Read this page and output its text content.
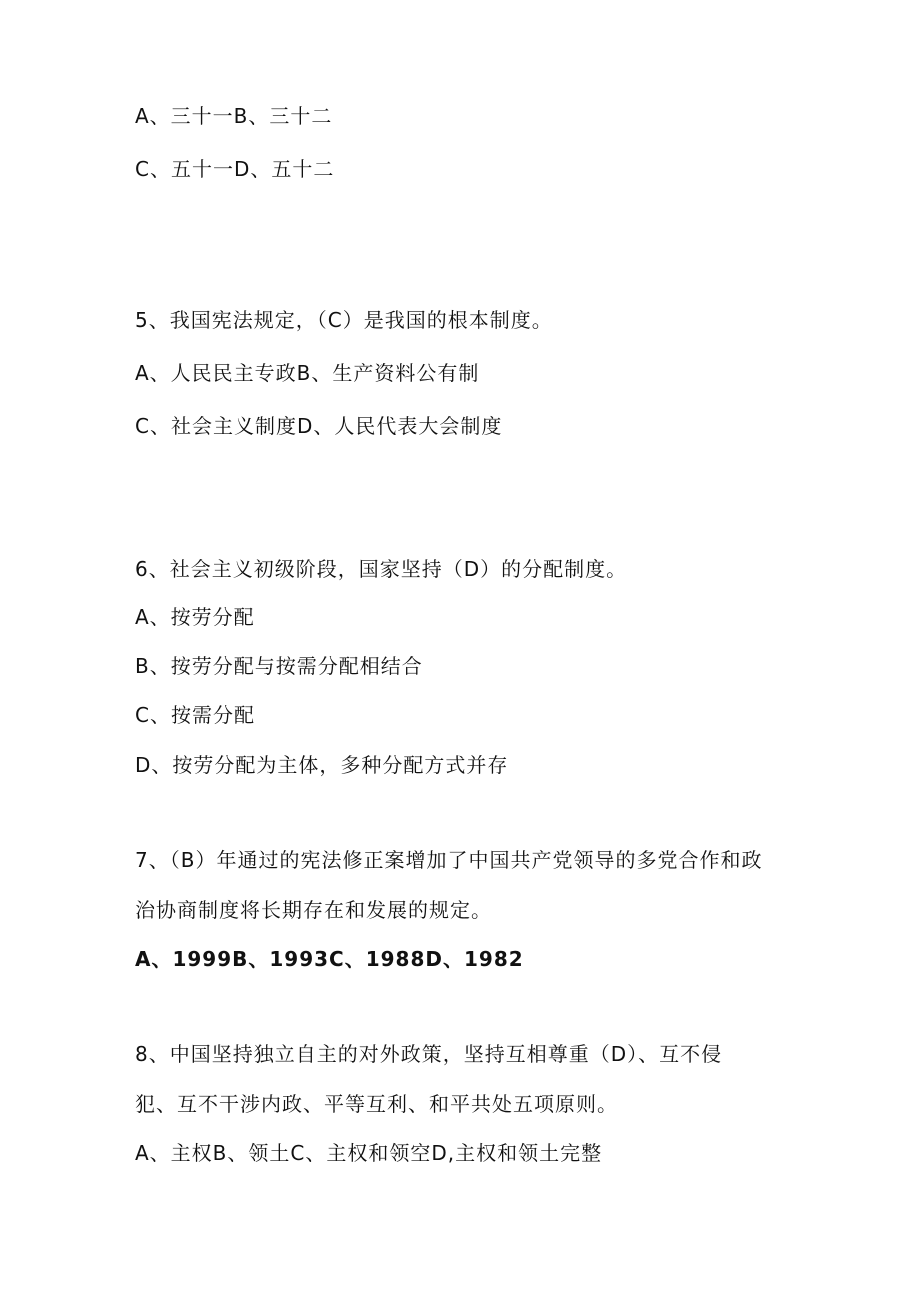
A、三十一B、三十二
C、五十一D、五十二
5、我国宪法规定，（C）是我国的根本制度。
A、人民民主专政B、生产资料公有制
C、社会主义制度D、人民代表大会制度
6、社会主义初级阶段，国家坚持（D）的分配制度。
A、按劳分配
B、按劳分配与按需分配相结合
C、按需分配
D、按劳分配为主体，多种分配方式并存
7、（B）年通过的宪法修正案增加了中国共产党领导的多党合作和政
治协商制度将长期存在和发展的规定。
A、1999B、1993C、1988D、1982
8、中国坚持独立自主的对外政策，坚持互相尊重（D）、互不侵
犯、互不干涉内政、平等互利、和平共处五项原则。
A、主权B、领土C、主权和领空D,主权和领土完整
